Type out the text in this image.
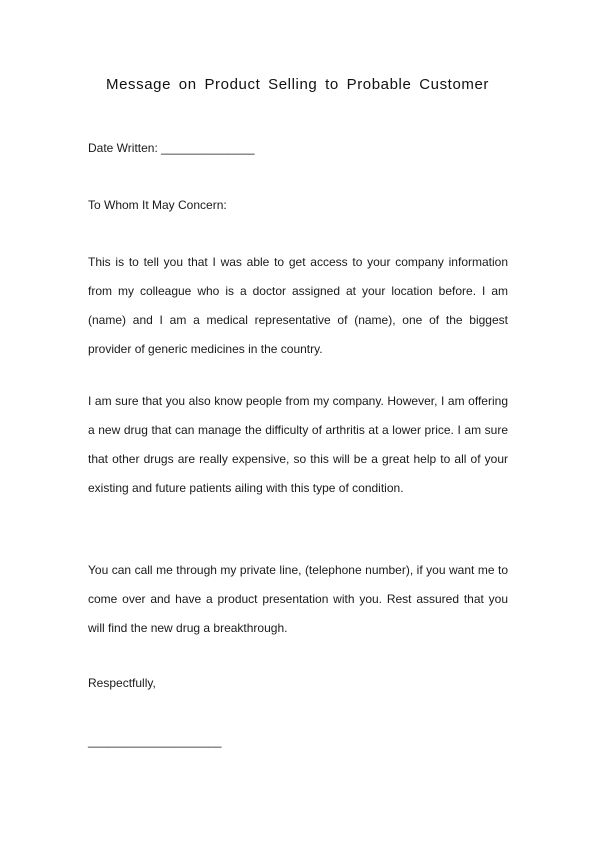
Message on Product Selling to Probable Customer
Date Written: ______________
To Whom It May Concern:
This is to tell you that I was able to get access to your company information from my colleague who is a doctor assigned at your location before. I am (name) and I am a medical representative of (name), one of the biggest provider of generic medicines in the country.
I am sure that you also know people from my company. However, I am offering a new drug that can manage the difficulty of arthritis at a lower price. I am sure that other drugs are really expensive, so this will be a great help to all of your existing and future patients ailing with this type of condition.
You can call me through my private line, (telephone number), if you want me to come over and have a product presentation with you. Rest assured that you will find the new drug a breakthrough.
Respectfully,
____________________
